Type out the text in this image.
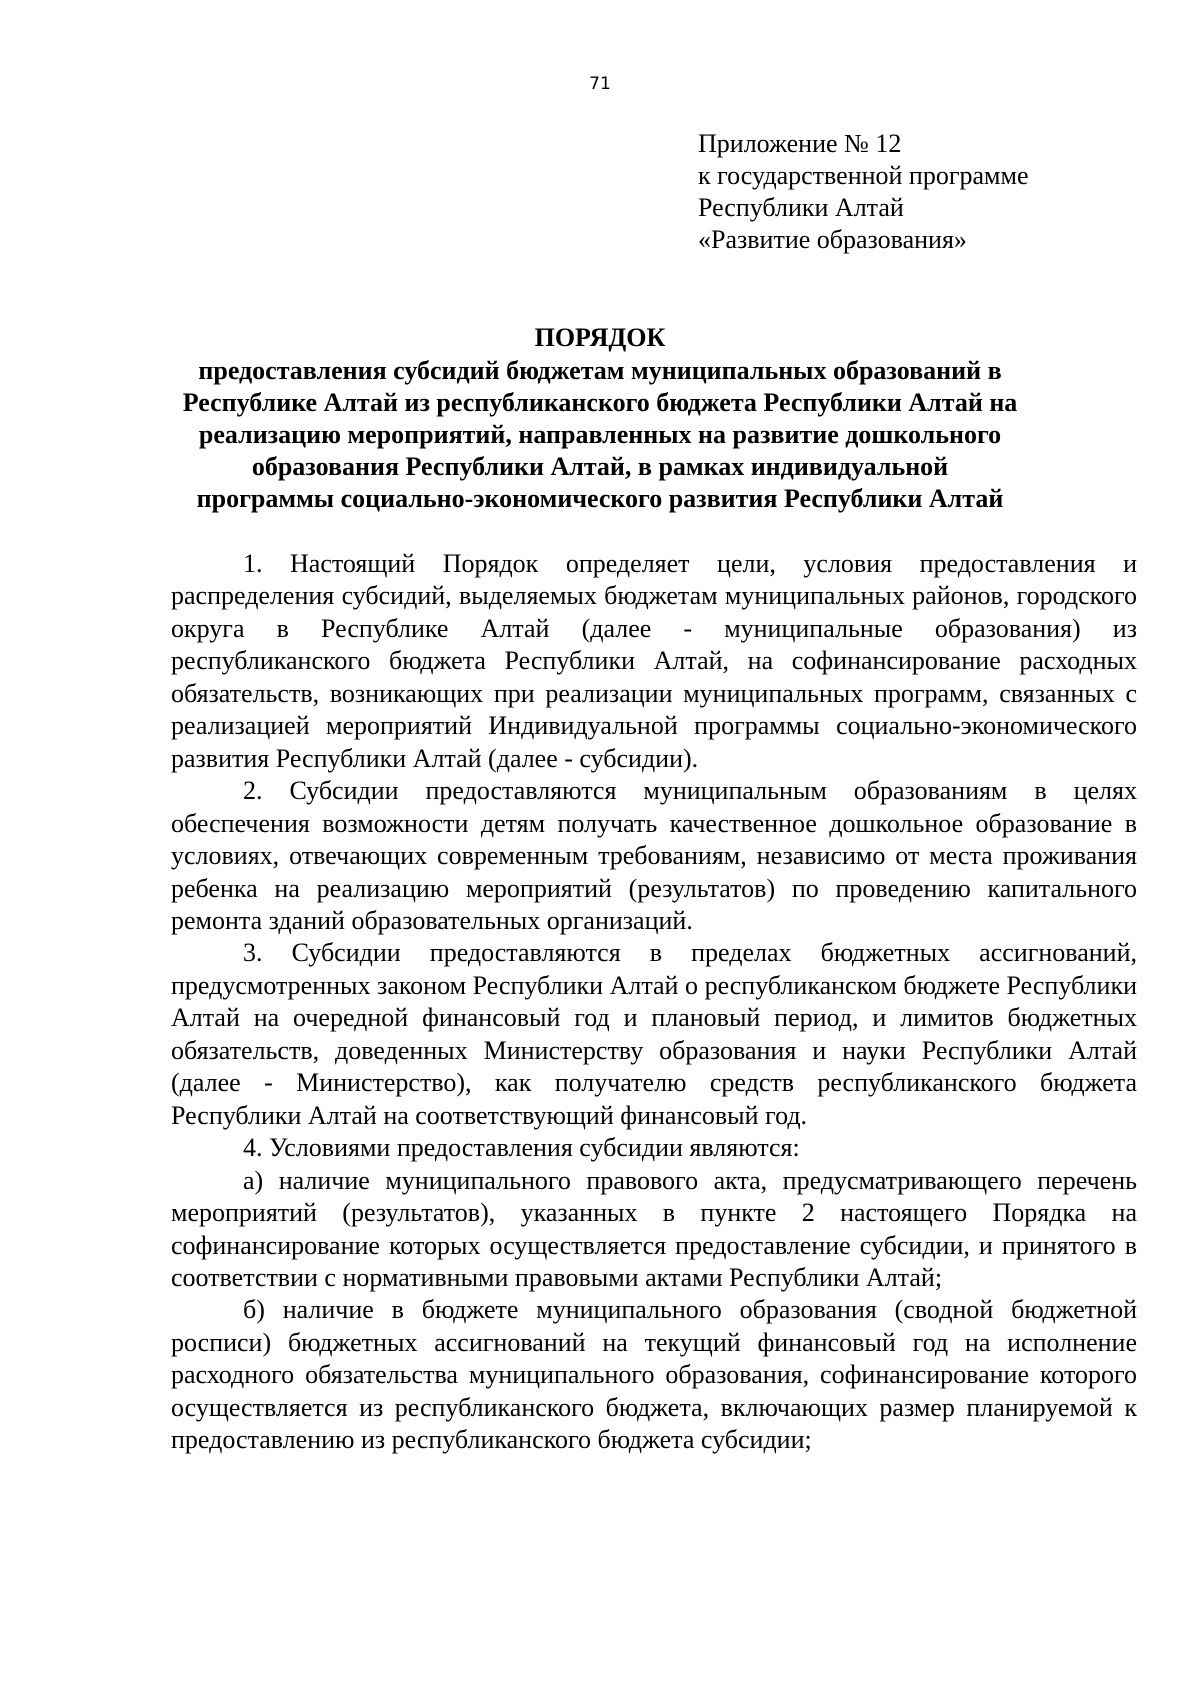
71
Приложение № 12
к государственной программе
Республики Алтай
«Развитие образования»
ПОРЯДОК
предоставления субсидий бюджетам муниципальных образований в
Республике Алтай из республиканского бюджета Республики Алтай на
реализацию мероприятий, направленных на развитие дошкольного
образования Республики Алтай, в рамках индивидуальной
программы социально-экономического развития Республики Алтай

1. Настоящий Порядок определяет цели, условия предоставления и распределения субсидий, выделяемых бюджетам муниципальных районов, городского округа в Республике Алтай (далее - муниципальные образования) из республиканского бюджета Республики Алтай, на софинансирование расходных обязательств, возникающих при реализации муниципальных программ, связанных с реализацией мероприятий Индивидуальной программы социально-экономического развития Республики Алтай (далее - субсидии).

2. Субсидии предоставляются муниципальным образованиям в целях обеспечения возможности детям получать качественное дошкольное образование в условиях, отвечающих современным требованиям, независимо от места проживания ребенка на реализацию мероприятий (результатов) по проведению капитального ремонта зданий образовательных организаций.

3. Субсидии предоставляются в пределах бюджетных ассигнований, предусмотренных законом Республики Алтай о республиканском бюджете Республики Алтай на очередной финансовый год и плановый период, и лимитов бюджетных обязательств, доведенных Министерству образования и науки Республики Алтай (далее - Министерство), как получателю средств республиканского бюджета Республики Алтай на соответствующий финансовый год.

4. Условиями предоставления субсидии являются:

а) наличие муниципального правового акта, предусматривающего перечень мероприятий (результатов), указанных в пункте 2 настоящего Порядка на софинансирование которых осуществляется предоставление субсидии, и принятого в соответствии с нормативными правовыми актами Республики Алтай;

б) наличие в бюджете муниципального образования (сводной бюджетной росписи) бюджетных ассигнований на текущий финансовый год на исполнение расходного обязательства муниципального образования, софинансирование которого осуществляется из республиканского бюджета, включающих размер планируемой к предоставлению из республиканского бюджета субсидии;
